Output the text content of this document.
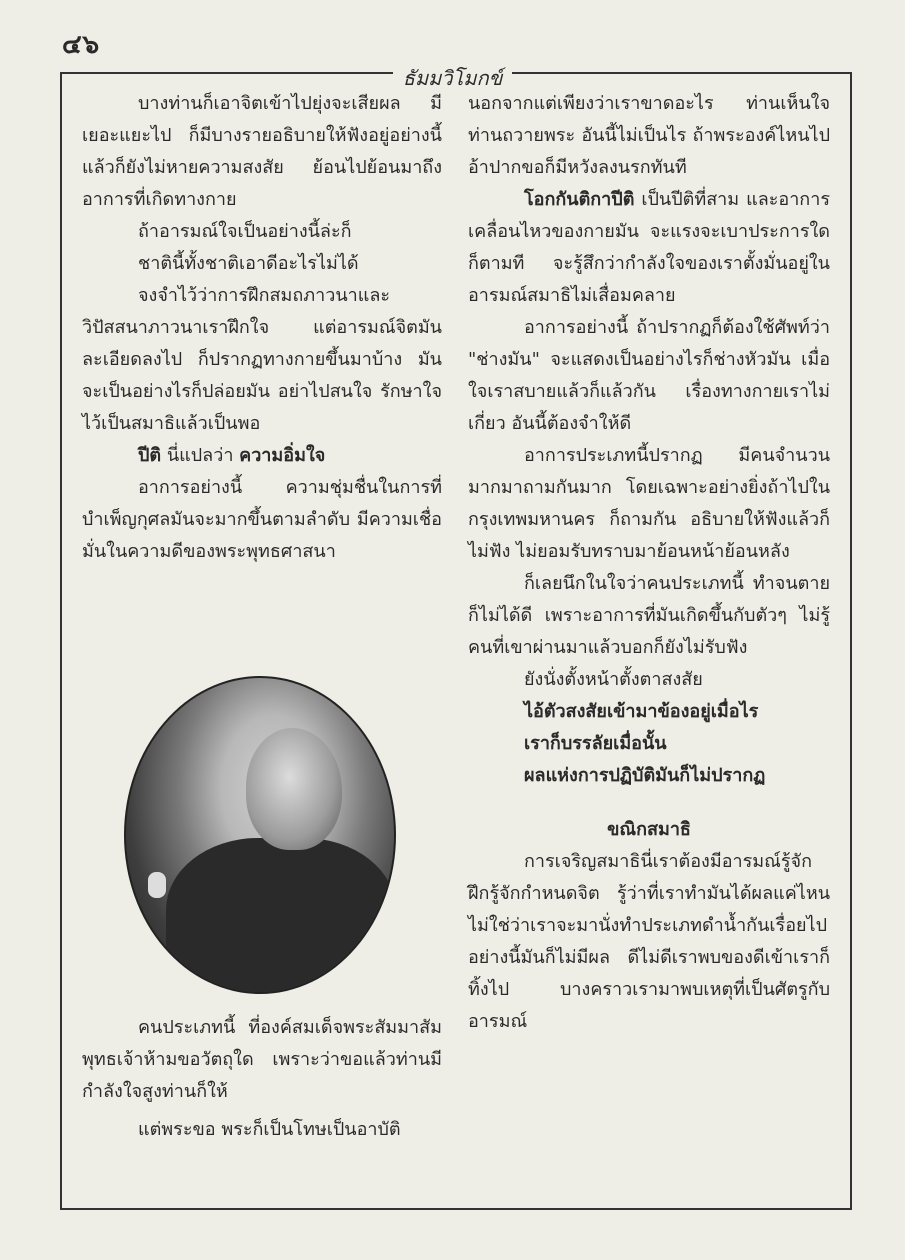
๔๖
ธัมมวิโมกข์

บางท่านก็เอาจิตเข้าไปยุ่งจะเสียผล มีเยอะแยะไป ก็มีบางรายอธิบายให้ฟังอยู่อย่างนี้แล้วก็ยังไม่หายความสงสัย ย้อนไปย้อนมาถึงอาการที่เกิดทางกาย

ถ้าอารมณ์ใจเป็นอย่างนี้ล่ะก็

ชาตินี้ทั้งชาติเอาดีอะไรไม่ได้

จงจำไว้ว่าการฝึกสมถภาวนาและวิปัสสนาภาวนาเราฝึกใจ แต่อารมณ์จิตมันละเอียดลงไป ก็ปรากฏทางกายขึ้นมาบ้าง มันจะเป็นอย่างไรก็ปล่อยมัน อย่าไปสนใจ รักษาใจไว้เป็นสมาธิแล้วเป็นพอ

ปีติ นี่แปลว่า ความอิ่มใจ

อาการอย่างนี้ ความชุ่มชื่นในการที่บำเพ็ญกุศลมันจะมากขึ้นตามลำดับ มีความเชื่อมั่นในความดีของพระพุทธศาสนา

คนประเภทนี้ ที่องค์สมเด็จพระสัมมาสัมพุทธเจ้าห้ามขอวัตถุใด เพราะว่าขอแล้วท่านมีกำลังใจสูงท่านก็ให้

แต่พระขอ พระก็เป็นโทษเป็นอาบัติ

นอกจากแต่เพียงว่าเราขาดอะไร ท่านเห็นใจท่านถวายพระ อันนี้ไม่เป็นไร ถ้าพระองค์ไหนไปอ้าปากขอก็มีหวังลงนรกทันที

โอกกันติกาปีติ เป็นปีติที่สาม และอาการเคลื่อนไหวของกายมัน จะแรงจะเบาประการใดก็ตามที จะรู้สึกว่ากำลังใจของเราตั้งมั่นอยู่ในอารมณ์สมาธิไม่เสื่อมคลาย

อาการอย่างนี้ ถ้าปรากฏก็ต้องใช้ศัพท์ว่า "ช่างมัน" จะแสดงเป็นอย่างไรก็ช่างหัวมัน เมื่อใจเราสบายแล้วก็แล้วกัน เรื่องทางกายเราไม่เกี่ยว อันนี้ต้องจำให้ดี

อาการประเภทนี้ปรากฏ มีคนจำนวนมากมาถามกันมาก โดยเฉพาะอย่างยิ่งถ้าไปในกรุงเทพมหานคร ก็ถามกัน อธิบายให้ฟังแล้วก็ไม่ฟัง ไม่ยอมรับทราบมาย้อนหน้าย้อนหลัง

ก็เลยนึกในใจว่าคนประเภทนี้ ทำจนตายก็ไม่ได้ดี เพราะอาการที่มันเกิดขึ้นกับตัวๆ ไม่รู้คนที่เขาผ่านมาแล้วบอกก็ยังไม่รับฟัง

ยังนั่งตั้งหน้าตั้งตาสงสัย

ไอ้ตัวสงสัยเข้ามาข้องอยู่เมื่อไร

เราก็บรรลัยเมื่อนั้น

ผลแห่งการปฏิบัติมันก็ไม่ปรากฏ

ขณิกสมาธิ

การเจริญสมาธินี่เราต้องมีอารมณ์รู้จักฝึกรู้จักกำหนดจิต รู้ว่าที่เราทำมันได้ผลแค่ไหน ไม่ใช่ว่าเราจะมานั่งทำประเภทดำน้ำกันเรื่อยไป อย่างนี้มันก็ไม่มีผล ดีไม่ดีเราพบของดีเข้าเราก็ทิ้งไป บางคราวเรามาพบเหตุที่เป็นศัตรูกับอารมณ์
